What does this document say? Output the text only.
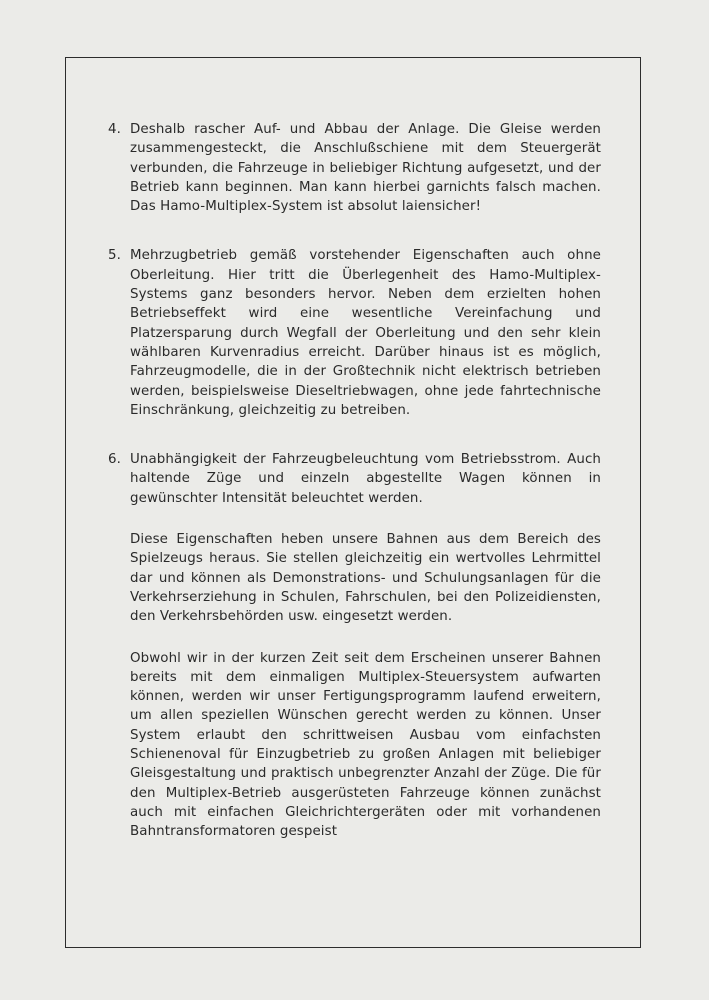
4. Deshalb rascher Auf- und Abbau der Anlage. Die Gleise werden zusammengesteckt, die Anschlußschiene mit dem Steuergerät verbunden, die Fahrzeuge in beliebiger Richtung aufgesetzt, und der Betrieb kann beginnen. Man kann hierbei garnichts falsch machen. Das Hamo-Multiplex-System ist absolut laiensicher!
5. Mehrzugbetrieb gemäß vorstehender Eigenschaften auch ohne Oberleitung. Hier tritt die Überlegenheit des Hamo-Multiplex-Systems ganz besonders hervor. Neben dem erzielten hohen Betriebseffekt wird eine wesentliche Vereinfachung und Platzersparung durch Wegfall der Oberleitung und den sehr klein wählbaren Kurvenradius erreicht. Darüber hinaus ist es möglich, Fahrzeugmodelle, die in der Großtechnik nicht elektrisch betrieben werden, beispielsweise Dieseltriebwagen, ohne jede fahrtechnische Einschränkung, gleichzeitig zu betreiben.
6. Unabhängigkeit der Fahrzeugbeleuchtung vom Betriebsstrom. Auch haltende Züge und einzeln abgestellte Wagen können in gewünschter Intensität beleuchtet werden.

Diese Eigenschaften heben unsere Bahnen aus dem Bereich des Spielzeugs heraus. Sie stellen gleichzeitig ein wertvolles Lehrmittel dar und können als Demonstrations- und Schulungsanlagen für die Verkehrserziehung in Schulen, Fahrschulen, bei den Polizeidiensten, den Verkehrsbehörden usw. eingesetzt werden.

Obwohl wir in der kurzen Zeit seit dem Erscheinen unserer Bahnen bereits mit dem einmaligen Multiplex-Steuersystem aufwarten können, werden wir unser Fertigungsprogramm laufend erweitern, um allen speziellen Wünschen gerecht werden zu können. Unser System erlaubt den schrittweisen Ausbau vom einfachsten Schienenoval für Einzugbetrieb zu großen Anlagen mit beliebiger Gleisgestaltung und praktisch unbegrenzter Anzahl der Züge. Die für den Multiplex-Betrieb ausgerüsteten Fahrzeuge können zunächst auch mit einfachen Gleichrichtergeräten oder mit vorhandenen Bahntransformatoren gespeist
